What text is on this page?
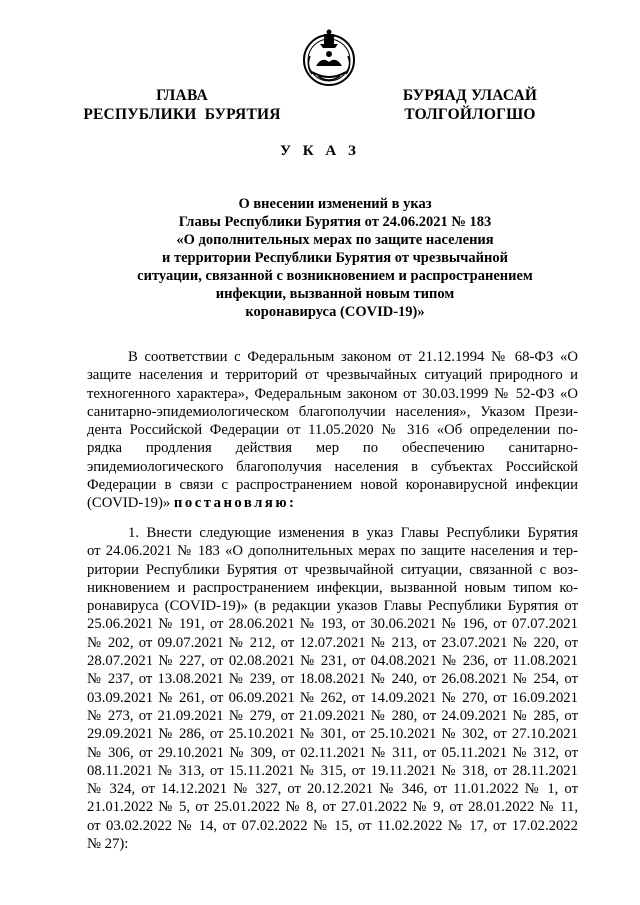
ГЛАВА
РЕСПУБЛИКИ  БУРЯТИЯ
БУРЯАД УЛАСАЙ
ТОЛГОЙЛОГШО
У К А З
О внесении изменений в указ
Главы Республики Бурятия от 24.06.2021 № 183
«О дополнительных мерах по защите населения
и территории Республики Бурятия от чрезвычайной
ситуации, связанной с возникновением и распространением
инфекции, вызванной новым типом
коронавируса (COVID-19)»
В соответствии с Федеральным законом от 21.12.1994 № 68-ФЗ «О
защите населения и территорий от чрезвычайных ситуаций природного и
техногенного характера», Федеральным законом от 30.03.1999 № 52-ФЗ «О
санитарно-эпидемиологическом благополучии населения», Указом Прези-
дента Российской Федерации от 11.05.2020 № 316 «Об определении по-
рядка продления действия мер по обеспечению санитарно-
эпидемиологического благополучия населения в субъектах Российской
Федерации в связи с распространением новой коронавирусной инфекции
(COVID-19)» постановляю:
1. Внести следующие изменения в указ Главы Республики Бурятия
от 24.06.2021 № 183 «О дополнительных мерах по защите населения и тер-
ритории Республики Бурятия от чрезвычайной ситуации, связанной с воз-
никновением и распространением инфекции, вызванной новым типом ко-
ронавируса (COVID-19)» (в редакции указов Главы Республики Бурятия от
25.06.2021 № 191, от 28.06.2021 № 193, от 30.06.2021 № 196, от 07.07.2021
№ 202, от 09.07.2021 № 212, от 12.07.2021 № 213, от 23.07.2021 № 220, от
28.07.2021 № 227, от 02.08.2021 № 231, от 04.08.2021 № 236, от 11.08.2021
№ 237, от 13.08.2021 № 239, от 18.08.2021 № 240, от 26.08.2021 № 254, от
03.09.2021 № 261, от 06.09.2021 № 262, от 14.09.2021 № 270, от 16.09.2021
№ 273, от 21.09.2021 № 279, от 21.09.2021 № 280, от 24.09.2021 № 285, от
29.09.2021 № 286, от 25.10.2021 № 301, от 25.10.2021 № 302, от 27.10.2021
№ 306, от 29.10.2021 № 309, от 02.11.2021 № 311, от 05.11.2021 № 312, от
08.11.2021 № 313, от 15.11.2021 № 315, от 19.11.2021 № 318, от 28.11.2021
№ 324, от 14.12.2021 № 327, от 20.12.2021 № 346, от 11.01.2022 № 1, от
21.01.2022 № 5, от 25.01.2022 № 8, от 27.01.2022 № 9, от 28.01.2022 № 11,
от 03.02.2022 № 14, от 07.02.2022 № 15, от 11.02.2022 № 17, от 17.02.2022
№ 27):
